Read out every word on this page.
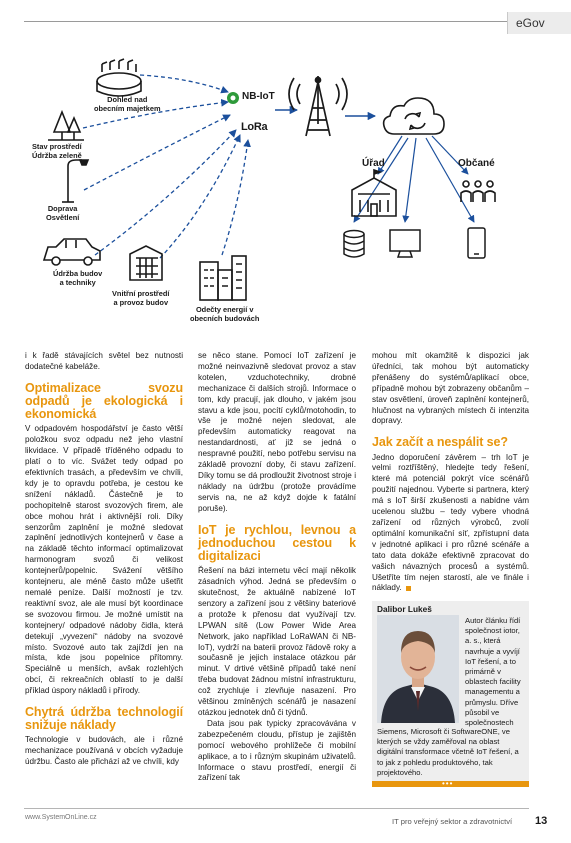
eGov
Dohled nad
obecním majetkem
Stav prostředí
Údržba zeleně
Doprava
Osvětlení
Údržba budov
a techniky
Vnitřní prostředí
a provoz budov
Odečty energií v
obecních budovách
NB-IoT
LoRa
Úřad	Občané

i k řadě stávajících světel bez nutnosti dodatečné kabeláže.

Optimalizace svozu odpadů je ekologická i ekonomická

V odpadovém hospodářství je často větší položkou svoz odpadu než jeho vlastní likvidace. V případě tříděného odpadu to platí o to víc. Svážet tedy odpad po efektivních trasách, a především ve chvíli, kdy je to opravdu potřeba, je cestou ke snížení nákladů. Částečně je to pochopitelně starost svozových firem, ale obce mohou hrát i aktivnější roli. Díky senzorům zaplnění je možné sledovat zaplnění jednotlivých kontejnerů v čase a na základě těchto informací optimalizovat harmonogram svozů či velikost kontejnerů/popelnic. Svážení většího kontejneru, ale méně často může ušetřit nemalé peníze. Další možností je tzv. reaktivní svoz, ale ale musí být koordinace se svozovou firmou. Je možné umístit na kontejnery/ odpadové nádoby čidla, která detekují „vyvezení“ nádoby na svozové místo. Svozové auto tak zajíždí jen na místa, kde jsou popelnice přítomny. Speciálně u menších, avšak rozlehlých obcí, či rekreačních oblastí to je další příklad úspory nákladů i přírody.

Chytrá údržba technologií snižuje náklady

Technologie v budovách, ale i různé mechanizace používaná v obcích vyžaduje údržbu. Často ale přichází až ve chvíli, kdy

se něco stane. Pomocí IoT zařízení je možné neinvazivně sledovat provoz a stav kotelen, vzduchotechniky, drobné mechanizace či dalších strojů. Informace o tom, kdy pracují, jak dlouho, v jakém jsou stavu a kde jsou, pocítí cyklů/motohodin, to vše je možné nejen sledovat, ale především automaticky reagovat na nestandardnosti, ať již se jedná o nespravné použití, nebo potřebu servisu na základě provozní doby, či stavu zařízení. Díky tomu se dá prodloužit životnost stroje i náklady na údržbu (protože provádíme servis na, ne až když dojde k fatální poruše).

IoT je rychlou, levnou a jednoduchou cestou k digitalizaci

Řešení na bázi internetu věcí mají několik zásadních výhod. Jedná se především o skutečnost, že aktuálně nabízené IoT senzory a zařízení jsou z většiny bateriové a protože k přenosu dat využívají tzv. LPWAN sítě (Low Power Wide Area Network, jako například LoRaWAN či NB-IoT), vydrží na baterii provoz řádově roky a současně je jejich instalace otázkou pár minut. V drtivé většině případů také není třeba budovat žádnou místní infrastrukturu, což zrychluje i zlevňuje nasazení. Pro většinou zmíněných scénářů je nasazení otázkou jednotek dnů či týdnů.

Data jsou pak typicky zpracovávána v zabezpečeném cloudu, přístup je zajištěn pomocí webového prohlížeče či mobilní aplikace, a to i různým skupinám uživatelů. Informace o stavu prostředí, energií či zařízení tak

mohou mít okamžitě k dispozici jak úředníci, tak mohou být automaticky přenášeny do systémů/aplikací obce, případně mohou být zobrazeny občanům – stav osvětlení, úroveň zaplnění kontejnerů, hlučnost na vybraných místech či intenzita dopravy.

Jak začít a nespálit se?

Jedno doporučení závěrem – trh IoT je velmi roztříštěný, hledejte tedy řešení, které má potenciál pokrýt více scénářů použití najednou. Vyberte si partnera, který má s IoT širší zkušenosti a nabídne vám ucelenou službu – tedy vybere vhodná zařízení od různých výrobců, zvolí optimální komunikační síť, zpřístupní data v jednotné aplikaci i pro různé scénáře a tato data dokáže efektivně zpracovat do vašich návazných procesů a systémů. Ušetříte tím nejen starostí, ale ve finále i náklady.

Dalibor Lukeš
Autor článku řídí společnost iotor, a. s., která navrhuje a vyvíjí IoT řešení, a to primárně v oblastech facility managementu a průmyslu. Dříve působil ve společnostech
Siemens, Microsoft či SoftwareONE, ve kterých se vždy zaměřoval na oblast digitální transformace včetně IoT řešení, a to jak z pohledu produktového, tak projektového.
•••
www.SystemOnLine.cz	IT pro veřejný sektor a zdravotnictví 13
